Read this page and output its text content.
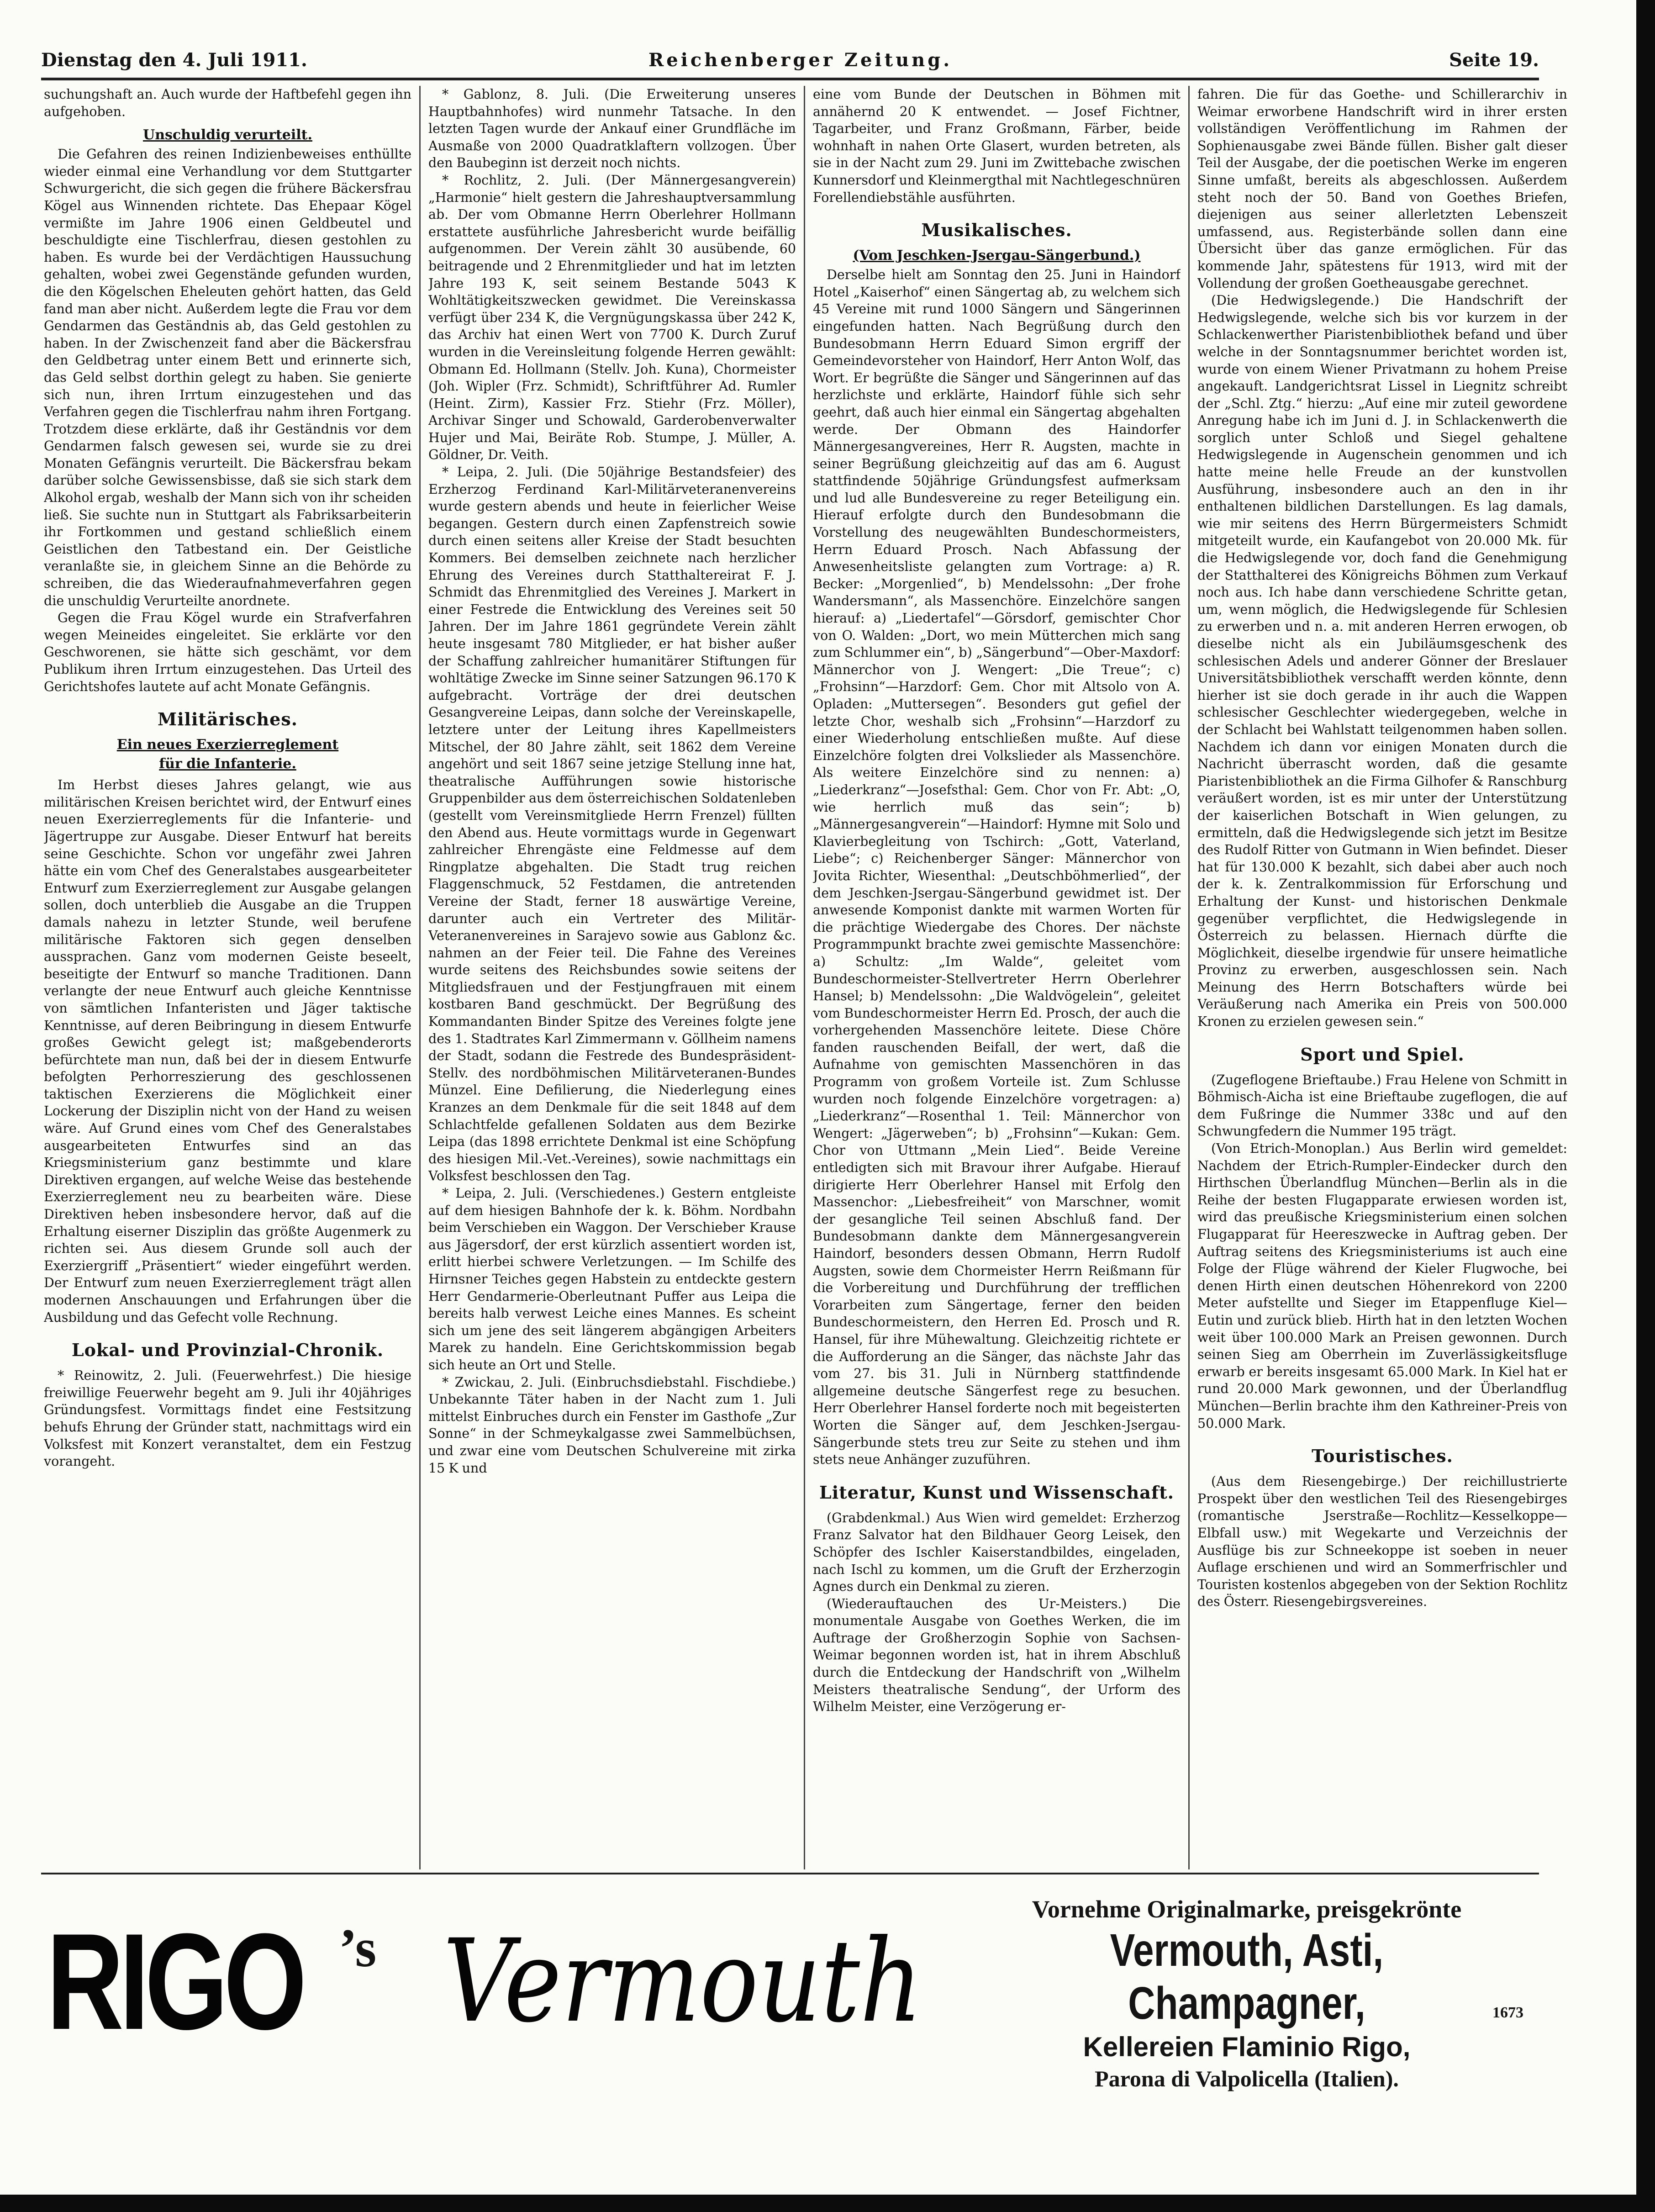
Dienstag den 4. Juli 1911.	Reichenberger Zeitung.	Seite 19.

suchungshaft an. Auch wurde der Haftbefehl gegen ihn aufgehoben.

Unschuldig verurteilt.

Die Gefahren des reinen Indizienbeweises enthüllte wieder einmal eine Verhandlung vor dem Stuttgarter Schwurgericht, die sich gegen die frühere Bäckersfrau Kögel aus Winnenden richtete. Das Ehepaar Kögel vermißte im Jahre 1906 einen Geldbeutel und beschuldigte eine Tischlerfrau, diesen gestohlen zu haben. Es wurde bei der Verdächtigen Haussuchung gehalten, wobei zwei Gegenstände gefunden wurden, die den Kögelschen Eheleuten gehört hatten, das Geld fand man aber nicht. Außerdem legte die Frau vor dem Gendarmen das Geständnis ab, das Geld gestohlen zu haben. In der Zwischenzeit fand aber die Bäckersfrau den Geldbetrag unter einem Bett und erinnerte sich, das Geld selbst dorthin gelegt zu haben. Sie genierte sich nun, ihren Irrtum einzugestehen und das Verfahren gegen die Tischlerfrau nahm ihren Fortgang. Trotzdem diese erklärte, daß ihr Geständnis vor dem Gendarmen falsch gewesen sei, wurde sie zu drei Monaten Gefängnis verurteilt. Die Bäckersfrau bekam darüber solche Gewissensbisse, daß sie sich stark dem Alkohol ergab, weshalb der Mann sich von ihr scheiden ließ. Sie suchte nun in Stuttgart als Fabriksarbeiterin ihr Fortkommen und gestand schließlich einem Geistlichen den Tatbestand ein. Der Geistliche veranlaßte sie, in gleichem Sinne an die Behörde zu schreiben, die das Wiederaufnahmeverfahren gegen die unschuldig Verurteilte anordnete.

Gegen die Frau Kögel wurde ein Strafverfahren wegen Meineides eingeleitet. Sie erklärte vor den Geschworenen, sie hätte sich geschämt, vor dem Publikum ihren Irrtum einzugestehen. Das Urteil des Gerichtshofes lautete auf acht Monate Gefängnis.

Militärisches.
Ein neues Exerzierreglement
für die Infanterie.

Im Herbst dieses Jahres gelangt, wie aus militärischen Kreisen berichtet wird, der Entwurf eines neuen Exerzierreglements für die Infanterie- und Jägertruppe zur Ausgabe. Dieser Entwurf hat bereits seine Geschichte. Schon vor ungefähr zwei Jahren hätte ein vom Chef des Generalstabes ausgearbeiteter Entwurf zum Exerzierreglement zur Ausgabe gelangen sollen, doch unterblieb die Ausgabe an die Truppen damals nahezu in letzter Stunde, weil berufene militärische Faktoren sich gegen denselben aussprachen. Ganz vom modernen Geiste beseelt, beseitigte der Entwurf so manche Traditionen. Dann verlangte der neue Entwurf auch gleiche Kenntnisse von sämtlichen Infanteristen und Jäger taktische Kenntnisse, auf deren Beibringung in diesem Entwurfe großes Gewicht gelegt ist; maßgebenderorts befürchtete man nun, daß bei der in diesem Entwurfe befolgten Perhorreszierung des geschlossenen taktischen Exerzierens die Möglichkeit einer Lockerung der Disziplin nicht von der Hand zu weisen wäre. Auf Grund eines vom Chef des Generalstabes ausgearbeiteten Entwurfes sind an das Kriegsministerium ganz bestimmte und klare Direktiven ergangen, auf welche Weise das bestehende Exerzierreglement neu zu bearbeiten wäre. Diese Direktiven heben insbesondere hervor, daß auf die Erhaltung eiserner Disziplin das größte Augenmerk zu richten sei. Aus diesem Grunde soll auch der Exerziergriff „Präsentiert“ wieder eingeführt werden. Der Entwurf zum neuen Exerzierreglement trägt allen modernen Anschauungen und Erfahrungen über die Ausbildung und das Gefecht volle Rechnung.

Lokal- und Provinzial-Chronik.

* Reinowitz, 2. Juli. (Feuerwehrfest.) Die hiesige freiwillige Feuerwehr begeht am 9. Juli ihr 40jähriges Gründungsfest. Vormittags findet eine Festsitzung behufs Ehrung der Gründer statt, nachmittags wird ein Volksfest mit Konzert veranstaltet, dem ein Festzug vorangeht.

* Gablonz, 8. Juli. (Die Erweiterung unseres Hauptbahnhofes) wird nunmehr Tatsache. In den letzten Tagen wurde der Ankauf einer Grundfläche im Ausmaße von 2000 Quadratklaftern vollzogen. Über den Baubeginn ist derzeit noch nichts.

* Rochlitz, 2. Juli. (Der Männergesangverein) „Harmonie“ hielt gestern die Jahreshauptversammlung ab. Der vom Obmanne Herrn Oberlehrer Hollmann erstattete ausführliche Jahresbericht wurde beifällig aufgenommen. Der Verein zählt 30 ausübende, 60 beitragende und 2 Ehrenmitglieder und hat im letzten Jahre 193 K, seit seinem Bestande 5043 K Wohltätigkeitszwecken gewidmet. Die Vereinskassa verfügt über 234 K, die Vergnügungskassa über 242 K, das Archiv hat einen Wert von 7700 K. Durch Zuruf wurden in die Vereinsleitung folgende Herren gewählt: Obmann Ed. Hollmann (Stellv. Joh. Kuna), Chormeister (Joh. Wipler (Frz. Schmidt), Schriftführer Ad. Rumler (Heint. Zirm), Kassier Frz. Stiehr (Frz. Möller), Archivar Singer und Schowald, Garderobenverwalter Hujer und Mai, Beiräte Rob. Stumpe, J. Müller, A. Göldner, Dr. Veith.

* Leipa, 2. Juli. (Die 50jährige Bestandsfeier) des Erzherzog Ferdinand Karl-Militärveteranenvereins wurde gestern abends und heute in feierlicher Weise begangen. Gestern durch einen Zapfenstreich sowie durch einen seitens aller Kreise der Stadt besuchten Kommers. Bei demselben zeichnete nach herzlicher Ehrung des Vereines durch Statthaltereirat F. J. Schmidt das Ehrenmitglied des Vereines J. Markert in einer Festrede die Entwicklung des Vereines seit 50 Jahren. Der im Jahre 1861 gegründete Verein zählt heute insgesamt 780 Mitglieder, er hat bisher außer der Schaffung zahlreicher humanitärer Stiftungen für wohltätige Zwecke im Sinne seiner Satzungen 96.170 K aufgebracht. Vorträge der drei deutschen Gesangvereine Leipas, dann solche der Vereinskapelle, letztere unter der Leitung ihres Kapellmeisters Mitschel, der 80 Jahre zählt, seit 1862 dem Vereine angehört und seit 1867 seine jetzige Stellung inne hat, theatralische Aufführungen sowie historische Gruppenbilder aus dem österreichischen Soldatenleben (gestellt vom Vereinsmitgliede Herrn Frenzel) füllten den Abend aus. Heute vormittags wurde in Gegenwart zahlreicher Ehrengäste eine Feldmesse auf dem Ringplatze abgehalten. Die Stadt trug reichen Flaggenschmuck, 52 Festdamen, die antretenden Vereine der Stadt, ferner 18 auswärtige Vereine, darunter auch ein Vertreter des Militär-Veteranenvereines in Sarajevo sowie aus Gablonz &c. nahmen an der Feier teil. Die Fahne des Vereines wurde seitens des Reichsbundes sowie seitens der Mitgliedsfrauen und der Festjungfrauen mit einem kostbaren Band geschmückt. Der Begrüßung des Kommandanten Binder Spitze des Vereines folgte jene des 1. Stadtrates Karl Zimmermann v. Göllheim namens der Stadt, sodann die Festrede des Bundespräsident-Stellv. des nordböhmischen Militärveteranen-Bundes Münzel. Eine Defilierung, die Niederlegung eines Kranzes an dem Denkmale für die seit 1848 auf dem Schlachtfelde gefallenen Soldaten aus dem Bezirke Leipa (das 1898 errichtete Denkmal ist eine Schöpfung des hiesigen Mil.-Vet.-Vereines), sowie nachmittags ein Volksfest beschlossen den Tag.

* Leipa, 2. Juli. (Verschiedenes.) Gestern entgleiste auf dem hiesigen Bahnhofe der k. k. Böhm. Nordbahn beim Verschieben ein Waggon. Der Verschieber Krause aus Jägersdorf, der erst kürzlich assentiert worden ist, erlitt hierbei schwere Verletzungen. — Im Schilfe des Hirnsner Teiches gegen Habstein zu entdeckte gestern Herr Gendarmerie-Oberleutnant Puffer aus Leipa die bereits halb verwest Leiche eines Mannes. Es scheint sich um jene des seit längerem abgängigen Arbeiters Marek zu handeln. Eine Gerichtskommission begab sich heute an Ort und Stelle.

* Zwickau, 2. Juli. (Einbruchsdiebstahl. Fischdiebe.) Unbekannte Täter haben in der Nacht zum 1. Juli mittelst Einbruches durch ein Fenster im Gasthofe „Zur Sonne“ in der Schmeykalgasse zwei Sammelbüchsen, und zwar eine vom Deutschen Schulvereine mit zirka 15 K und

eine vom Bunde der Deutschen in Böhmen mit annähernd 20 K entwendet. — Josef Fichtner, Tagarbeiter, und Franz Großmann, Färber, beide wohnhaft in nahen Orte Glasert, wurden betreten, als sie in der Nacht zum 29. Juni im Zwittebache zwischen Kunnersdorf und Kleinmergthal mit Nachtlegeschnüren Forellendiebstähle ausführten.

Musikalisches.
(Vom Jeschken-Jsergau-Sängerbund.)

Derselbe hielt am Sonntag den 25. Juni in Haindorf Hotel „Kaiserhof“ einen Sängertag ab, zu welchem sich 45 Vereine mit rund 1000 Sängern und Sängerinnen eingefunden hatten. Nach Begrüßung durch den Bundesobmann Herrn Eduard Simon ergriff der Gemeindevorsteher von Haindorf, Herr Anton Wolf, das Wort. Er begrüßte die Sänger und Sängerinnen auf das herzlichste und erklärte, Haindorf fühle sich sehr geehrt, daß auch hier einmal ein Sängertag abgehalten werde. Der Obmann des Haindorfer Männergesangvereines, Herr R. Augsten, machte in seiner Begrüßung gleichzeitig auf das am 6. August stattfindende 50jährige Gründungsfest aufmerksam und lud alle Bundesvereine zu reger Beteiligung ein. Hierauf erfolgte durch den Bundesobmann die Vorstellung des neugewählten Bundeschormeisters, Herrn Eduard Prosch. Nach Abfassung der Anwesenheitsliste gelangten zum Vortrage: a) R. Becker: „Morgenlied“, b) Mendelssohn: „Der frohe Wandersmann“, als Massenchöre. Einzelchöre sangen hierauf: a) „Liedertafel“—Görsdorf, gemischter Chor von O. Walden: „Dort, wo mein Mütterchen mich sang zum Schlummer ein“, b) „Sängerbund“—Ober-Maxdorf: Männerchor von J. Wengert: „Die Treue“; c) „Frohsinn“—Harzdorf: Gem. Chor mit Altsolo von A. Opladen: „Muttersegen“. Besonders gut gefiel der letzte Chor, weshalb sich „Frohsinn“—Harzdorf zu einer Wiederholung entschließen mußte. Auf diese Einzelchöre folgten drei Volkslieder als Massenchöre. Als weitere Einzelchöre sind zu nennen: a) „Liederkranz“—Josefsthal: Gem. Chor von Fr. Abt: „O, wie herrlich muß das sein“; b) „Männergesangverein“—Haindorf: Hymne mit Solo und Klavierbegleitung von Tschirch: „Gott, Vaterland, Liebe“; c) Reichenberger Sänger: Männerchor von Jovita Richter, Wiesenthal: „Deutschböhmerlied“, der dem Jeschken-Jsergau-Sängerbund gewidmet ist. Der anwesende Komponist dankte mit warmen Worten für die prächtige Wiedergabe des Chores. Der nächste Programmpunkt brachte zwei gemischte Massenchöre: a) Schultz: „Im Walde“, geleitet vom Bundeschormeister-Stellvertreter Herrn Oberlehrer Hansel; b) Mendelssohn: „Die Waldvögelein“, geleitet vom Bundeschormeister Herrn Ed. Prosch, der auch die vorhergehenden Massenchöre leitete. Diese Chöre fanden rauschenden Beifall, der wert, daß die Aufnahme von gemischten Massenchören in das Programm von großem Vorteile ist. Zum Schlusse wurden noch folgende Einzelchöre vorgetragen: a) „Liederkranz“—Rosenthal 1. Teil: Männerchor von Wengert: „Jägerweben“; b) „Frohsinn“—Kukan: Gem. Chor von Uttmann „Mein Lied“. Beide Vereine entledigten sich mit Bravour ihrer Aufgabe. Hierauf dirigierte Herr Oberlehrer Hansel mit Erfolg den Massenchor: „Liebesfreiheit“ von Marschner, womit der gesangliche Teil seinen Abschluß fand. Der Bundesobmann dankte dem Männergesangverein Haindorf, besonders dessen Obmann, Herrn Rudolf Augsten, sowie dem Chormeister Herrn Reißmann für die Vorbereitung und Durchführung der trefflichen Vorarbeiten zum Sängertage, ferner den beiden Bundeschormeistern, den Herren Ed. Prosch und R. Hansel, für ihre Mühewaltung. Gleichzeitig richtete er die Aufforderung an die Sänger, das nächste Jahr das vom 27. bis 31. Juli in Nürnberg stattfindende allgemeine deutsche Sängerfest rege zu besuchen. Herr Oberlehrer Hansel forderte noch mit begeisterten Worten die Sänger auf, dem Jeschken-Jsergau-Sängerbunde stets treu zur Seite zu stehen und ihm stets neue Anhänger zuzuführen.

Literatur, Kunst und Wissenschaft.

(Grabdenkmal.) Aus Wien wird gemeldet: Erzherzog Franz Salvator hat den Bildhauer Georg Leisek, den Schöpfer des Ischler Kaiserstandbildes, eingeladen, nach Ischl zu kommen, um die Gruft der Erzherzogin Agnes durch ein Denkmal zu zieren.

(Wiederauftauchen des Ur-Meisters.) Die monumentale Ausgabe von Goethes Werken, die im Auftrage der Großherzogin Sophie von Sachsen-Weimar begonnen worden ist, hat in ihrem Abschluß durch die Entdeckung der Handschrift von „Wilhelm Meisters theatralische Sendung“, der Urform des Wilhelm Meister, eine Verzögerung er-

fahren. Die für das Goethe- und Schillerarchiv in Weimar erworbene Handschrift wird in ihrer ersten vollständigen Veröffentlichung im Rahmen der Sophienausgabe zwei Bände füllen. Bisher galt dieser Teil der Ausgabe, der die poetischen Werke im engeren Sinne umfaßt, bereits als abgeschlossen. Außerdem steht noch der 50. Band von Goethes Briefen, diejenigen aus seiner allerletzten Lebenszeit umfassend, aus. Registerbände sollen dann eine Übersicht über das ganze ermöglichen. Für das kommende Jahr, spätestens für 1913, wird mit der Vollendung der großen Goetheausgabe gerechnet.

(Die Hedwigslegende.) Die Handschrift der Hedwigslegende, welche sich bis vor kurzem in der Schlackenwerther Piaristenbibliothek befand und über welche in der Sonntagsnummer berichtet worden ist, wurde von einem Wiener Privatmann zu hohem Preise angekauft. Landgerichtsrat Lissel in Liegnitz schreibt der „Schl. Ztg.“ hierzu: „Auf eine mir zuteil gewordene Anregung habe ich im Juni d. J. in Schlackenwerth die sorglich unter Schloß und Siegel gehaltene Hedwigslegende in Augenschein genommen und ich hatte meine helle Freude an der kunstvollen Ausführung, insbesondere auch an den in ihr enthaltenen bildlichen Darstellungen. Es lag damals, wie mir seitens des Herrn Bürgermeisters Schmidt mitgeteilt wurde, ein Kaufangebot von 20.000 Mk. für die Hedwigslegende vor, doch fand die Genehmigung der Statthalterei des Königreichs Böhmen zum Verkauf noch aus. Ich habe dann verschiedene Schritte getan, um, wenn möglich, die Hedwigslegende für Schlesien zu erwerben und n. a. mit anderen Herren erwogen, ob dieselbe nicht als ein Jubiläumsgeschenk des schlesischen Adels und anderer Gönner der Breslauer Universitätsbibliothek verschafft werden könnte, denn hierher ist sie doch gerade in ihr auch die Wappen schlesischer Geschlechter wiedergegeben, welche in der Schlacht bei Wahlstatt teilgenommen haben sollen. Nachdem ich dann vor einigen Monaten durch die Nachricht überrascht worden, daß die gesamte Piaristenbibliothek an die Firma Gilhofer & Ranschburg veräußert worden, ist es mir unter der Unterstützung der kaiserlichen Botschaft in Wien gelungen, zu ermitteln, daß die Hedwigslegende sich jetzt im Besitze des Rudolf Ritter von Gutmann in Wien befindet. Dieser hat für 130.000 K bezahlt, sich dabei aber auch noch der k. k. Zentralkommission für Erforschung und Erhaltung der Kunst- und historischen Denkmale gegenüber verpflichtet, die Hedwigslegende in Österreich zu belassen. Hiernach dürfte die Möglichkeit, dieselbe irgendwie für unsere heimatliche Provinz zu erwerben, ausgeschlossen sein. Nach Meinung des Herrn Botschafters würde bei Veräußerung nach Amerika ein Preis von 500.000 Kronen zu erzielen gewesen sein.“

Sport und Spiel.

(Zugeflogene Brieftaube.) Frau Helene von Schmitt in Böhmisch-Aicha ist eine Brieftaube zugeflogen, die auf dem Fußringe die Nummer 338c und auf den Schwungfedern die Nummer 195 trägt.

(Von Etrich-Monoplan.) Aus Berlin wird gemeldet: Nachdem der Etrich-Rumpler-Eindecker durch den Hirthschen Überlandflug München—Berlin als in die Reihe der besten Flugapparate erwiesen worden ist, wird das preußische Kriegsministerium einen solchen Flugapparat für Heereszwecke in Auftrag geben. Der Auftrag seitens des Kriegsministeriums ist auch eine Folge der Flüge während der Kieler Flugwoche, bei denen Hirth einen deutschen Höhenrekord von 2200 Meter aufstellte und Sieger im Etappenfluge Kiel—Eutin und zurück blieb. Hirth hat in den letzten Wochen weit über 100.000 Mark an Preisen gewonnen. Durch seinen Sieg am Oberrhein im Zuverlässigkeitsfluge erwarb er bereits insgesamt 65.000 Mark. In Kiel hat er rund 20.000 Mark gewonnen, und der Überlandflug München—Berlin brachte ihm den Kathreiner-Preis von 50.000 Mark.

Touristisches.

(Aus dem Riesengebirge.) Der reichillustrierte Prospekt über den westlichen Teil des Riesengebirges (romantische Jserstraße—Rochlitz—Kesselkoppe—Elbfall usw.) mit Wegekarte und Verzeichnis der Ausflüge bis zur Schneekoppe ist soeben in neuer Auflage erschienen und wird an Sommerfrischler und Touristen kostenlos abgegeben von der Sektion Rochlitz des Österr. Riesengebirgsvereines.

RIGO ’s Vermouth
Vornehme Originalmarke, preisgekrönte
Vermouth, Asti, Champagner,
Kellereien Flaminio Rigo,
Parona di Valpolicella (Italien).
1673
